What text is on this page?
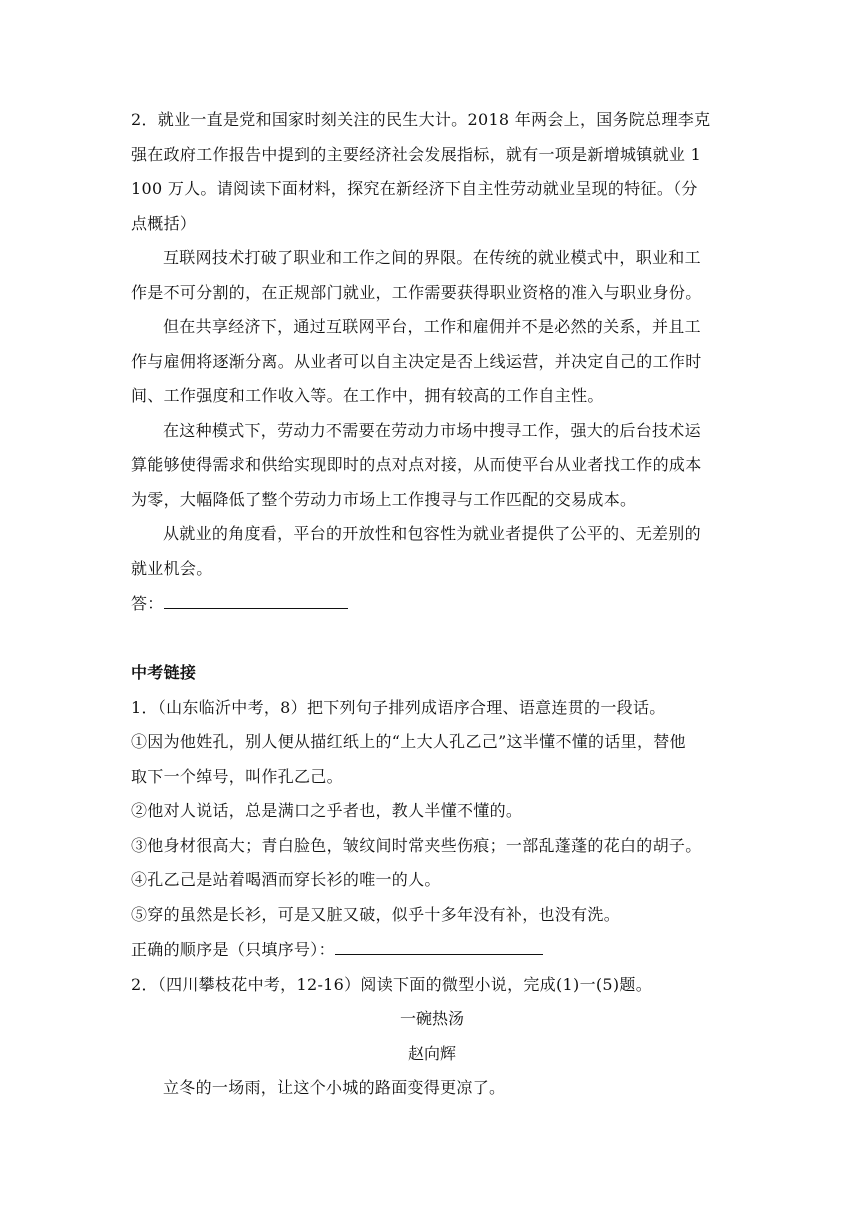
2．就业一直是党和国家时刻关注的民生大计。2018 年两会上，国务院总理李克
强在政府工作报告中提到的主要经济社会发展指标，就有一项是新增城镇就业 1
100 万人。请阅读下面材料，探究在新经济下自主性劳动就业呈现的特征。（分
点概括）
互联网技术打破了职业和工作之间的界限。在传统的就业模式中，职业和工
作是不可分割的，在正规部门就业，工作需要获得职业资格的准入与职业身份。
但在共享经济下，通过互联网平台，工作和雇佣并不是必然的关系，并且工
作与雇佣将逐渐分离。从业者可以自主决定是否上线运营，并决定自己的工作时
间、工作强度和工作收入等。在工作中，拥有较高的工作自主性。
在这种模式下，劳动力不需要在劳动力市场中搜寻工作，强大的后台技术运
算能够使得需求和供给实现即时的点对点对接，从而使平台从业者找工作的成本
为零，大幅降低了整个劳动力市场上工作搜寻与工作匹配的交易成本。
从就业的角度看，平台的开放性和包容性为就业者提供了公平的、无差别的
就业机会。
答：
中考链接
1．（山东临沂中考，8）把下列句子排列成语序合理、语意连贯的一段话。
①因为他姓孔，别人便从描红纸上的“上大人孔乙己”这半懂不懂的话里，替他
取下一个绰号，叫作孔乙己。
②他对人说话，总是满口之乎者也，教人半懂不懂的。
③他身材很高大；青白脸色，皱纹间时常夹些伤痕；一部乱蓬蓬的花白的胡子。
④孔乙己是站着喝酒而穿长衫的唯一的人。
⑤穿的虽然是长衫，可是又脏又破，似乎十多年没有补，也没有洗。
正确的顺序是（只填序号）：
2．（四川攀枝花中考，12-16）阅读下面的微型小说，完成(1)一(5)题。
一碗热汤
赵向辉
立冬的一场雨，让这个小城的路面变得更凉了。
